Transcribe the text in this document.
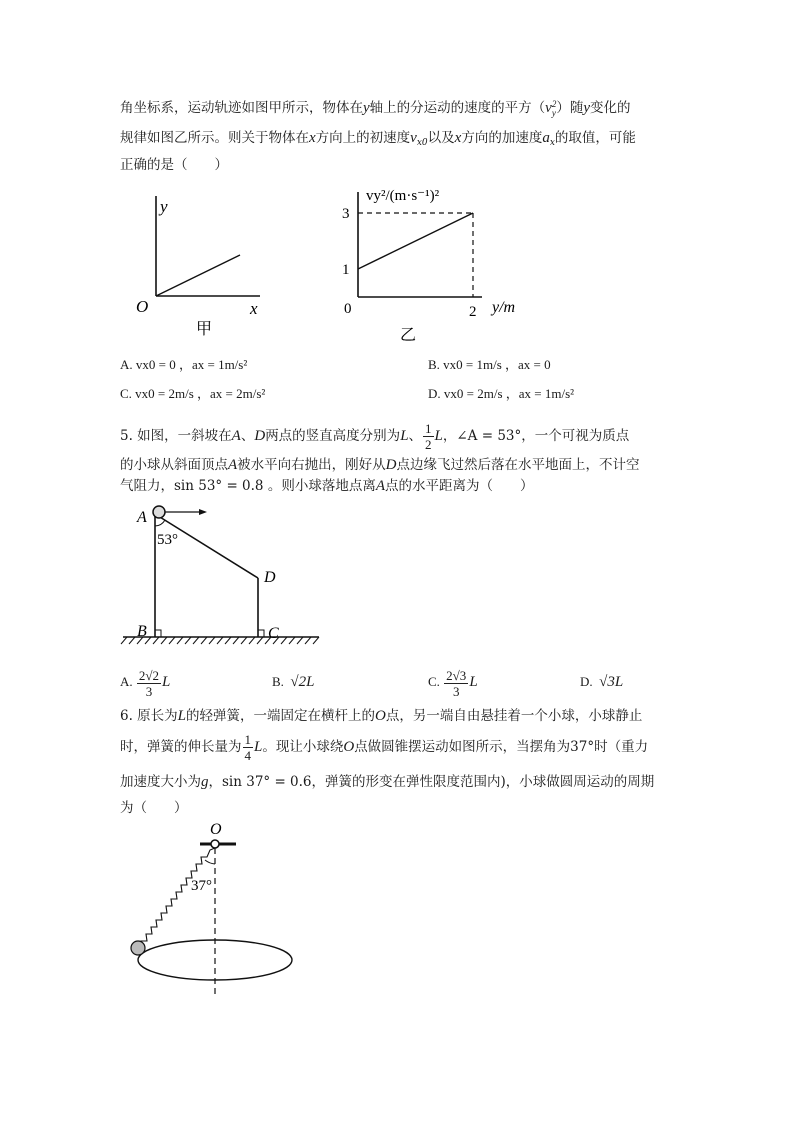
角坐标系，运动轨迹如图甲所示，物体在y轴上的分运动的速度的平方（v 2
y ）随y变化的
规律如图乙所示。则关于物体在x方向上的初速度$v_{x0}$以及x方向的加速度$a_x$的取值，可能
正确的是（　　）
y
x
O
甲
vy²/(m·s⁻¹)²
y/m
0
3
1
2
乙
A. vx0 = 0 ，ax = 1m/s²	B. vx0 = 1m/s ，ax = 0
C. vx0 = 2m/s ，ax = 2m/s²	D. vx0 = 2m/s ，ax = 1m/s²
5. 如图，一斜坡在A、D两点的竖直高度分别为L、 $\frac{1}{2}$ L，∠A = 53°，一个可视为质点
的小球从斜面顶点A被水平向右抛出，刚好从D点边缘飞过然后落在水平地面上，不计空
气阻力，sin 53° = 0.8 。则小球落地点离A点的水平距离为（　　）
A
53°
D
B	C
A. $\frac{2√2}{3}$ L	B. √2L	C. $\frac{2√3}{3}$ L	D. √3L
6. 原长为L的轻弹簧，一端固定在横杆上的O点，另一端自由悬挂着一个小球，小球静止
时，弹簧的伸长量为 $\frac{1}{4}$ L。现让小球绕O点做圆锥摆运动如图所示，当摆角为37°时（重力
加速度大小为g，sin 37° = 0.6，弹簧的形变在弹性限度范围内)，小球做圆周运动的周期
为（　　）
O
37°
